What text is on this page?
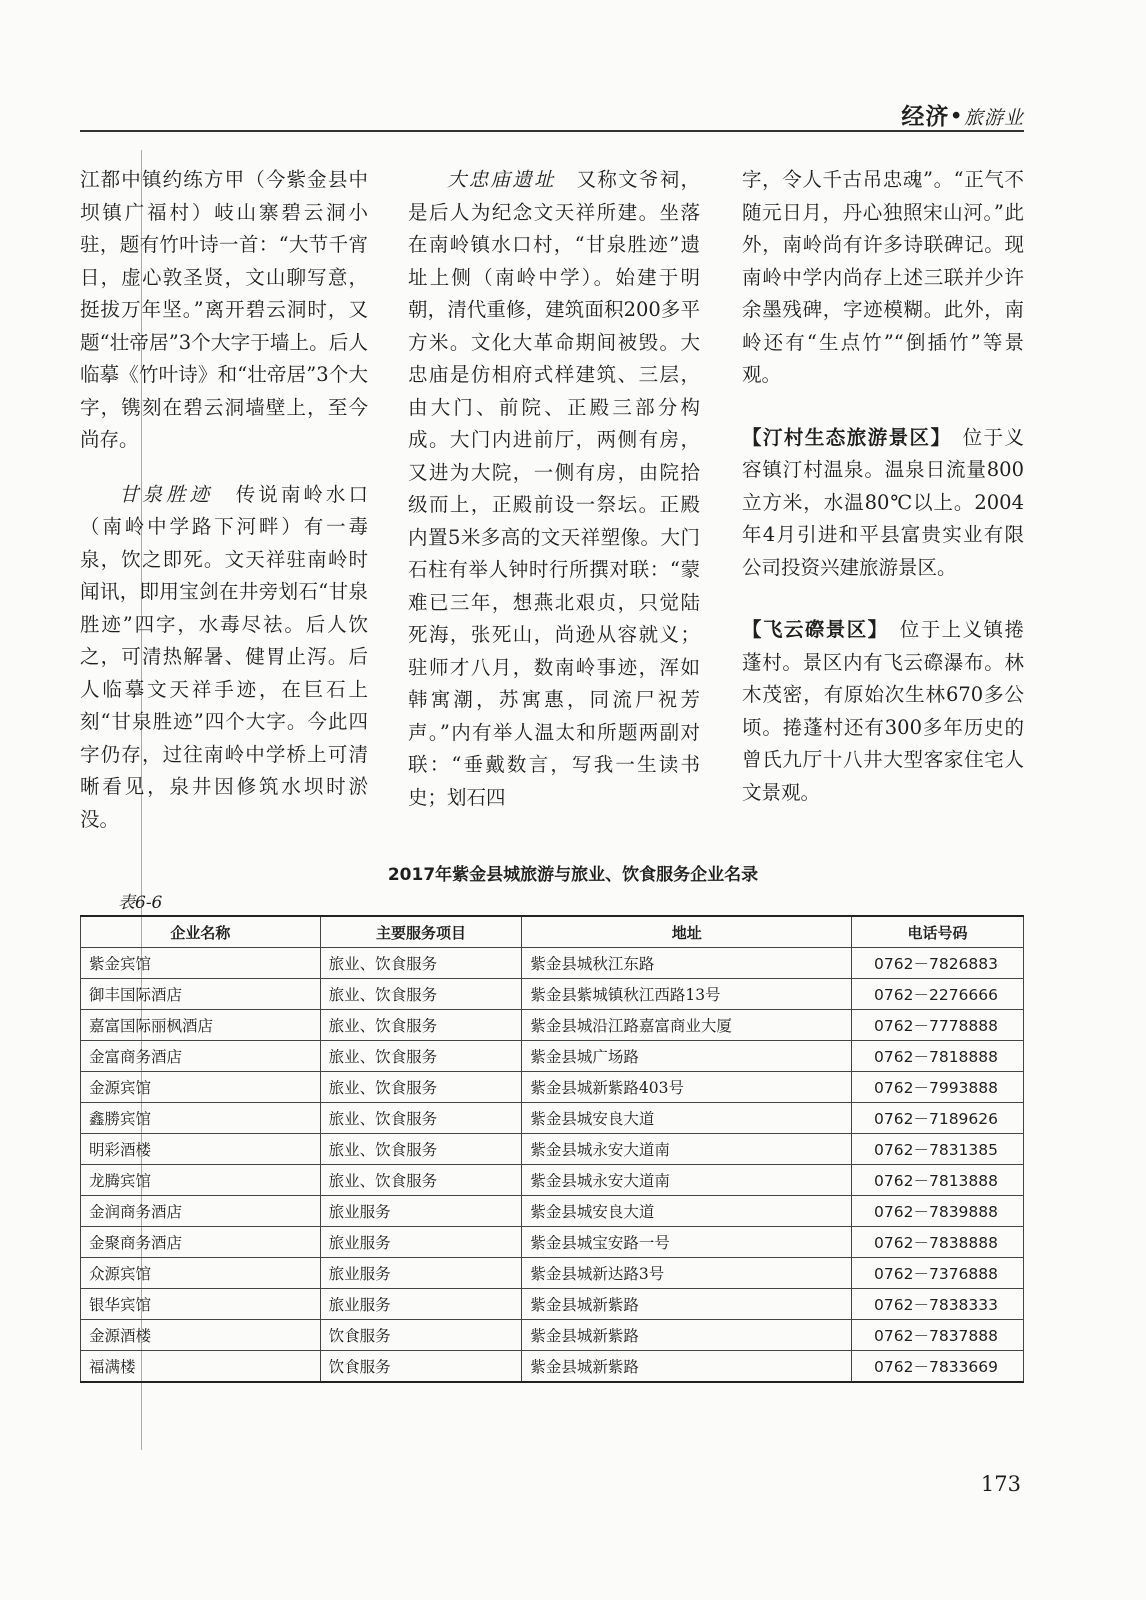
经济•旅游业

江都中镇约练方甲（今紫金县中坝镇广福村）岐山寨碧云洞小驻，题有竹叶诗一首：“大节千宵日，虚心敦圣贤，文山聊写意，挺拔万年坚。”离开碧云洞时，又题“壮帝居”3个大字于墙上。后人临摹《竹叶诗》和“壮帝居”3个大字，镌刻在碧云洞墙壁上，至今尚存。

甘泉胜迹　 传说南岭水口（南岭中学路下河畔）有一毒泉，饮之即死。文天祥驻南岭时闻讯，即用宝剑在井旁划石“甘泉胜迹”四字，水毒尽祛。后人饮之，可清热解暑、健胃止泻。后人临摹文天祥手迹，在巨石上刻“甘泉胜迹”四个大字。今此四字仍存，过往南岭中学桥上可清晰看见，泉井因修筑水坝时淤没。

大忠庙遗址　 又称文爷祠，是后人为纪念文天祥所建。坐落在南岭镇水口村，“甘泉胜迹”遗址上侧（南岭中学）。始建于明朝，清代重修，建筑面积200多平方米。文化大革命期间被毁。大忠庙是仿相府式样建筑、三层，由大门、前院、正殿三部分构成。大门内进前厅，两侧有房，又进为大院，一侧有房，由院拾级而上，正殿前设一祭坛。正殿内置5米多高的文天祥塑像。大门石柱有举人钟时行所撰对联：“蒙难已三年，想燕北艰贞，只觉陆死海，张死山，尚逊从容就义；驻师才八月，数南岭事迹，浑如韩寓潮，苏寓惠，同流尸祝芳声。”内有举人温太和所题两副对联：“垂戴数言，写我一生读书史；划石四

字，令人千古吊忠魂”。“正气不随元日月，丹心独照宋山河。”此外，南岭尚有许多诗联碑记。现南岭中学内尚存上述三联并少许余墨残碑，字迹模糊。此外，南岭还有“生点竹”“倒插竹”等景观。

【汀村生态旅游景区】　 位于义容镇汀村温泉。温泉日流量800立方米，水温80℃以上。2004年4月引进和平县富贵实业有限公司投资兴建旅游景区。

【飞云磜景区】　 位于上义镇捲蓬村。景区内有飞云磜瀑布。林木茂密，有原始次生林670多公顷。捲蓬村还有300多年历史的曾氏九厅十八井大型客家住宅人文景观。

2017年紫金县城旅游与旅业、饮食服务企业名录
表6-6
企业名称	主要服务项目	地址	电话号码
紫金宾馆	旅业、饮食服务	紫金县城秋江东路	0762－7826883
御丰国际酒店	旅业、饮食服务	紫金县紫城镇秋江西路13号	0762－2276666
嘉富国际丽枫酒店	旅业、饮食服务	紫金县城沿江路嘉富商业大厦	0762－7778888
金富商务酒店	旅业、饮食服务	紫金县城广场路	0762－7818888
金源宾馆	旅业、饮食服务	紫金县城新紫路403号	0762－7993888
鑫勝宾馆	旅业、饮食服务	紫金县城安良大道	0762－7189626
明彩酒楼	旅业、饮食服务	紫金县城永安大道南	0762－7831385
龙腾宾馆	旅业、饮食服务	紫金县城永安大道南	0762－7813888
金润商务酒店	旅业服务	紫金县城安良大道	0762－7839888
金聚商务酒店	旅业服务	紫金县城宝安路一号	0762－7838888
众源宾馆	旅业服务	紫金县城新达路3号	0762－7376888
银华宾馆	旅业服务	紫金县城新紫路	0762－7838333
金源酒楼	饮食服务	紫金县城新紫路	0762－7837888
福满楼	饮食服务	紫金县城新紫路	0762－7833669
173
